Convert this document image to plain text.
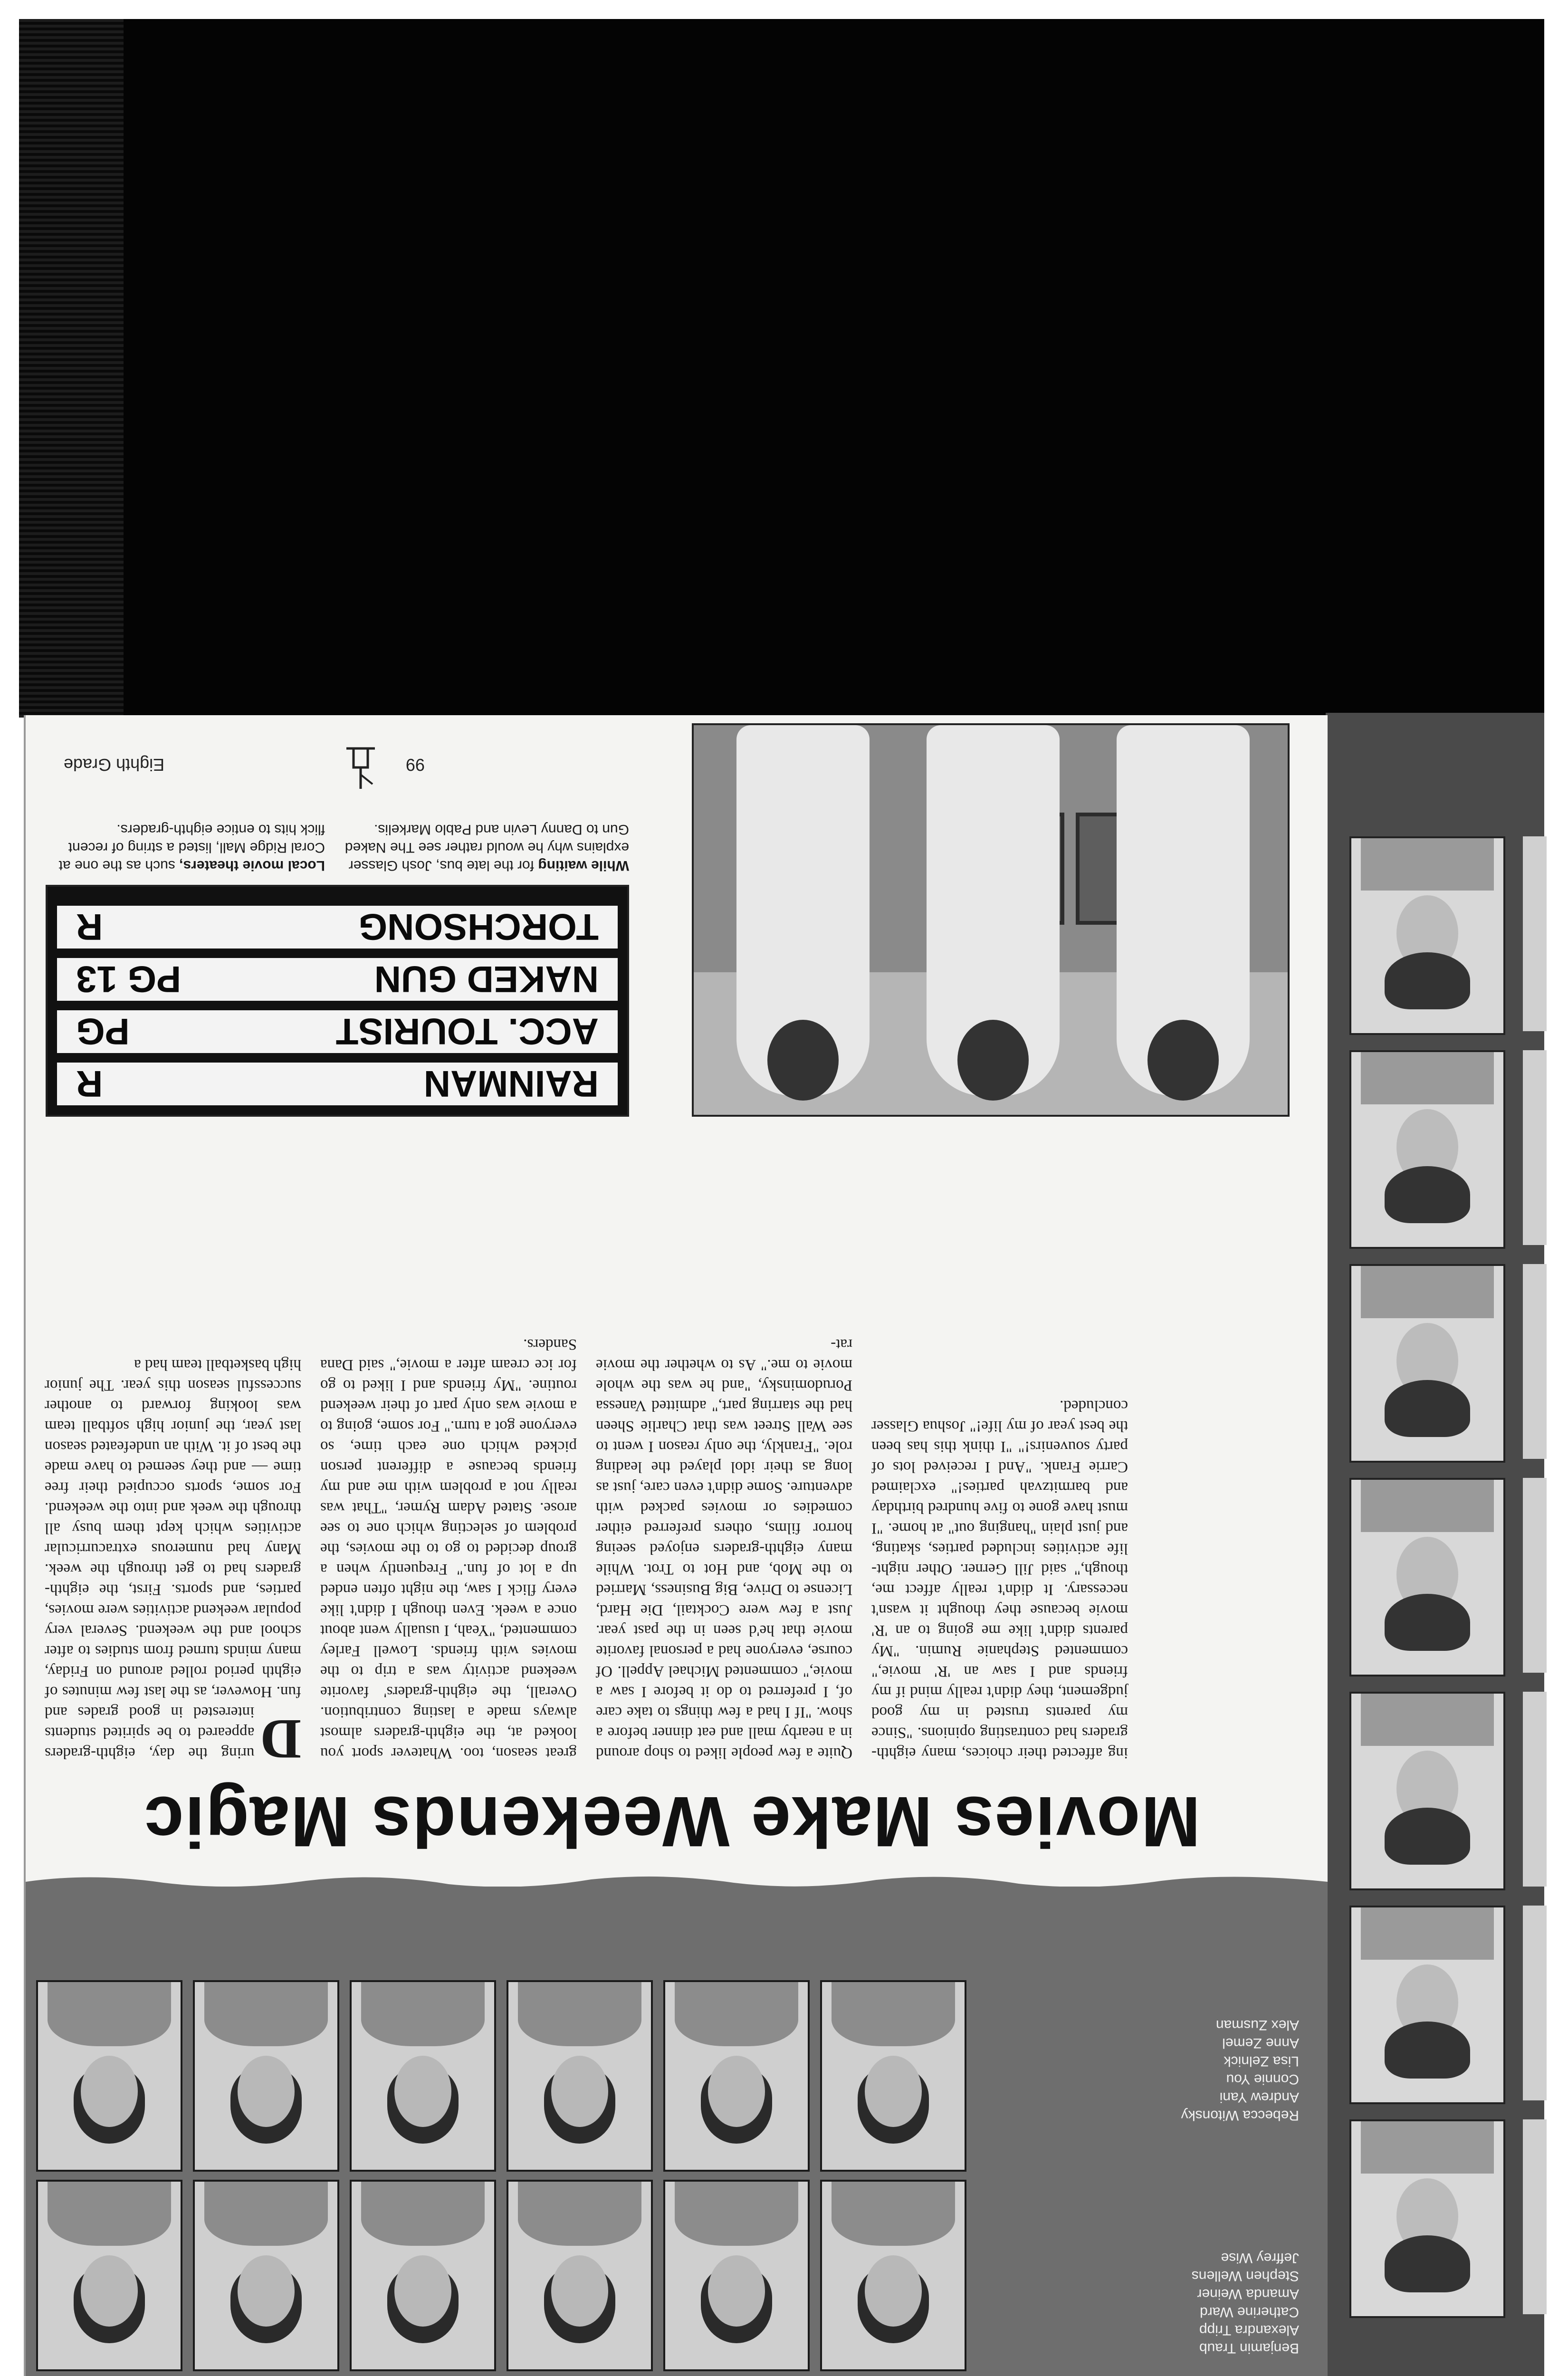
Benjamin Traub
Alexandra Tripp
Catherine Ward
Amanda Weiner
Stephen Wellens
Jeffrey Wise
Rebecca Witonsky
Andrew Yani
Connie You
Lisa Zelnick
Anne Zemel
Alex Zusman
Movies Make Weekends Magic
D
uring the day, eighth-graders appeared to be spirited students interested in good grades and fun. However, as the last few minutes of eighth period rolled around on Friday, many minds turned from studies to after school and the weekend. Several very popular weekend activities were movies, parties, and sports. First, the eighth-graders had to get through the week. Many had numerous extracurricular activities which kept them busy all through the week and into the weekend. For some, sports occupied their free time — and they seemed to have made the best of it. With an undefeated season last year, the junior high softball team was looking forward to another successful season this year. The junior high basketball team had a
great season, too. Whatever sport you looked at, the eighth-graders almost always made a lasting contribution. Overall, the eighth-graders' favorite weekend activity was a trip to the movies with friends. Lowell Farley commented, "Yeah, I usually went about once a week. Even though I didn't like every flick I saw, the night often ended up a lot of fun." Frequently when a group decided to go to the movies, the problem of selecting which one to see arose. Stated Adam Rymer, "That was really not a problem with me and my friends because a different person picked which one each time, so everyone got a turn." For some, going to a movie was only part of their weekend routine. "My friends and I liked to go for ice cream after a movie," said Dana Sanders.
Quite a few people liked to shop around in a nearby mall and eat dinner before a show. "If I had a few things to take care of, I preferred to do it before I saw a movie," commented Michael Appell. Of course, everyone had a personal favorite movie that he'd seen in the past year. Just a few were Cocktail, Die Hard, License to Drive, Big Business, Married to the Mob, and Hot to Trot. While many eighth-graders enjoyed seeing horror films, others preferred either comedies or movies packed with adventure. Some didn't even care, just as long as their idol played the leading role. "Frankly, the only reason I went to see Wall Street was that Charlie Sheen had the starring part," admitted Vanessa Porudominsky, "and he was the whole movie to me." As to whether the movie rat-
ing affected their choices, many eighth-graders had contrasting opinions. "Since my parents trusted in my good judgement, they didn't really mind if my friends and I saw an 'R' movie," commented Stephanie Rumin. "My parents didn't like me going to an 'R' movie because they thought it wasn't necessary. It didn't really affect me, though," said Jill Gerner. Other night-life activities included parties, skating, and just plain "hanging out" at home. "I must have gone to five hundred birthday and barmitzvah parties!" exclaimed Carrie Frank. "And I received lots of party souvenirs!" "I think this has been the best year of my life!" Joshua Glasser concluded.
RAINMAN
R
ACC. TOURIST
PG
NAKED GUN
PG 13
TORCHSONG
R
While waiting for the late bus, Josh Glasser explains why he would rather see The Naked Gun to Danny Levin and Pablo Markelis.
Local movie theaters, such as the one at Coral Ridge Mall, listed a string of recent flick hits to entice eighth-graders.
99
Eighth Grade
